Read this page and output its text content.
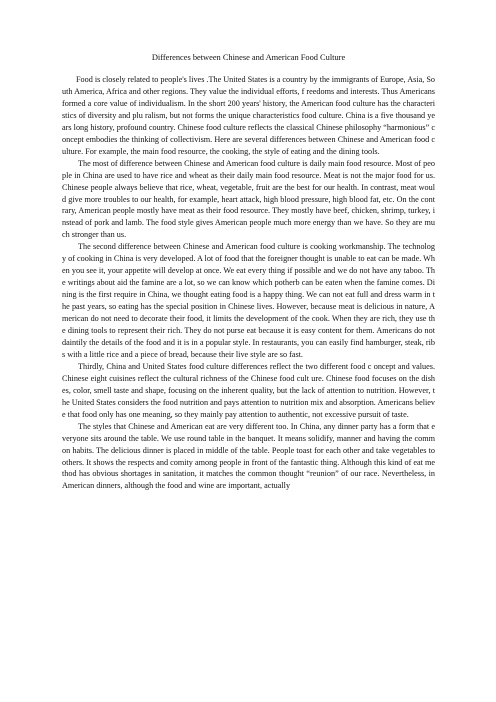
Differences between Chinese and American Food Culture

Food is closely related to people's lives .The United States is a country by the immigrants of Europe, Asia, South America, Africa and other regions. They value the individual efforts, f reedoms and interests. Thus Americans formed a core value of individualism. In the short 200 years' history, the American food culture has the characteristics of diversity and plu ralism, but not forms the unique characteristics food culture. China is a five thousand years long history, profound country. Chinese food culture reflects the classical Chinese philosophy “harmonious” concept embodies the thinking of collectivism. Here are several differences between Chinese and American food culture. For example, the main food resource, the cooking, the style of eating and the dining tools.

The most of difference between Chinese and American food culture is daily main food resource. Most of people in China are used to have rice and wheat as their daily main food resource. Meat is not the major food for us. Chinese people always believe that rice, wheat, vegetable, fruit are the best for our health. In contrast, meat would give more troubles to our health, for example, heart attack, high blood pressure, high blood fat, etc. On the contrary, American people mostly have meat as their food resource. They mostly have beef, chicken, shrimp, turkey, instead of pork and lamb. The food style gives American people much more energy than we have. So they are much stronger than us.

The second difference between Chinese and American food culture is cooking workmanship. The technology of cooking in China is very developed. A lot of food that the foreigner thought is unable to eat can be made. When you see it, your appetite will develop at once. We eat every thing if possible and we do not have any taboo. The writings about aid the famine are a lot, so we can know which potherb can be eaten when the famine comes. Dining is the first require in China, we thought eating food is a happy thing. We can not eat full and dress warm in the past years, so eating has the special position in Chinese lives. However, because meat is delicious in nature, American do not need to decorate their food, it limits the development of the cook. When they are rich, they use the dining tools to represent their rich. They do not purse eat because it is easy content for them. Americans do not daintily the details of the food and it is in a popular style. In restaurants, you can easily find hamburger, steak, ribs with a little rice and a piece of bread, because their live style are so fast.

Thirdly, China and United States food culture differences reflect the two different food c oncept and values. Chinese eight cuisines reflect the cultural richness of the Chinese food cult ure. Chinese food focuses on the dishes, color, smell taste and shape, focusing on the inherent quality, but the lack of attention to nutrition. However, the United States considers the food nutrition and pays attention to nutrition mix and absorption. Americans believe that food only has one meaning, so they mainly pay attention to authentic, not excessive pursuit of taste.

The styles that Chinese and American eat are very different too. In China, any dinner party has a form that everyone sits around the table. We use round table in the banquet. It means solidify, manner and having the common habits. The delicious dinner is placed in middle of the table. People toast for each other and take vegetables to others. It shows the respects and comity among people in front of the fantastic thing. Although this kind of eat method has obvious shortages in sanitation, it matches the common thought “reunion” of our race. Nevertheless, in American dinners, although the food and wine are important, actually
